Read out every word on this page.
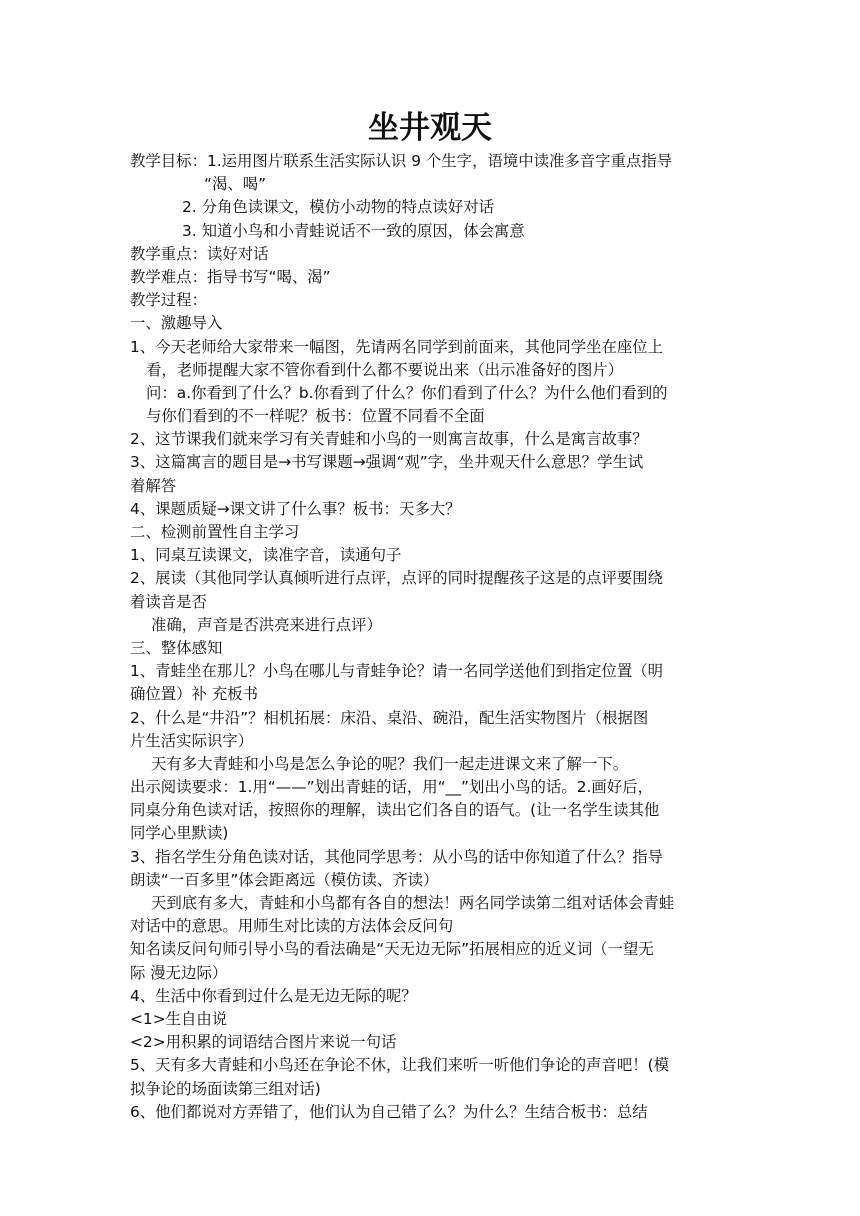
坐井观天
教学目标：1.运用图片联系生活实际认识 9 个生字，语境中读准多音字重点指导
“渴、喝”
2. 分角色读课文，模仿小动物的特点读好对话
3. 知道小鸟和小青蛙说话不一致的原因，体会寓意
教学重点：读好对话
教学难点：指导书写“喝、渴”
教学过程：
一、激趣导入
1、今天老师给大家带来一幅图，先请两名同学到前面来，其他同学坐在座位上
看，老师提醒大家不管你看到什么都不要说出来（出示准备好的图片）
问：a.你看到了什么？b.你看到了什么？你们看到了什么？为什么他们看到的
与你们看到的不一样呢？板书：位置不同看不全面
2、这节课我们就来学习有关青蛙和小鸟的一则寓言故事，什么是寓言故事？
3、这篇寓言的题目是→书写课题→强调“观”字，坐井观天什么意思？学生试
着解答
4、课题质疑→课文讲了什么事？板书：天多大？
二、检测前置性自主学习
1、同桌互读课文，读准字音，读通句子
2、展读（其他同学认真倾听进行点评，点评的同时提醒孩子这是的点评要围绕
着读音是否
准确，声音是否洪亮来进行点评）
三、整体感知
1、青蛙坐在那儿？小鸟在哪儿与青蛙争论？请一名同学送他们到指定位置（明
确位置）补 充板书
2、什么是“井沿”？相机拓展：床沿、桌沿、碗沿，配生活实物图片（根据图
片生活实际识字）
天有多大青蛙和小鸟是怎么争论的呢？我们一起走进课文来了解一下。
出示阅读要求：1.用“——”划出青蛙的话，用“__”划出小鸟的话。2.画好后，
同桌分角色读对话，按照你的理解，读出它们各自的语气。(让一名学生读其他
同学心里默读)
3、指名学生分角色读对话，其他同学思考：从小鸟的话中你知道了什么？指导
朗读“一百多里”体会距离远（模仿读、齐读）
天到底有多大，青蛙和小鸟都有各自的想法！两名同学读第二组对话体会青蛙
对话中的意思。用师生对比读的方法体会反问句
知名读反问句师引导小鸟的看法确是“天无边无际”拓展相应的近义词（一望无
际 漫无边际）
4、生活中你看到过什么是无边无际的呢？
<1>生自由说
<2>用积累的词语结合图片来说一句话
5、天有多大青蛙和小鸟还在争论不休，让我们来听一听他们争论的声音吧！(模
拟争论的场面读第三组对话)
6、他们都说对方弄错了，他们认为自己错了么？为什么？生结合板书：总结
